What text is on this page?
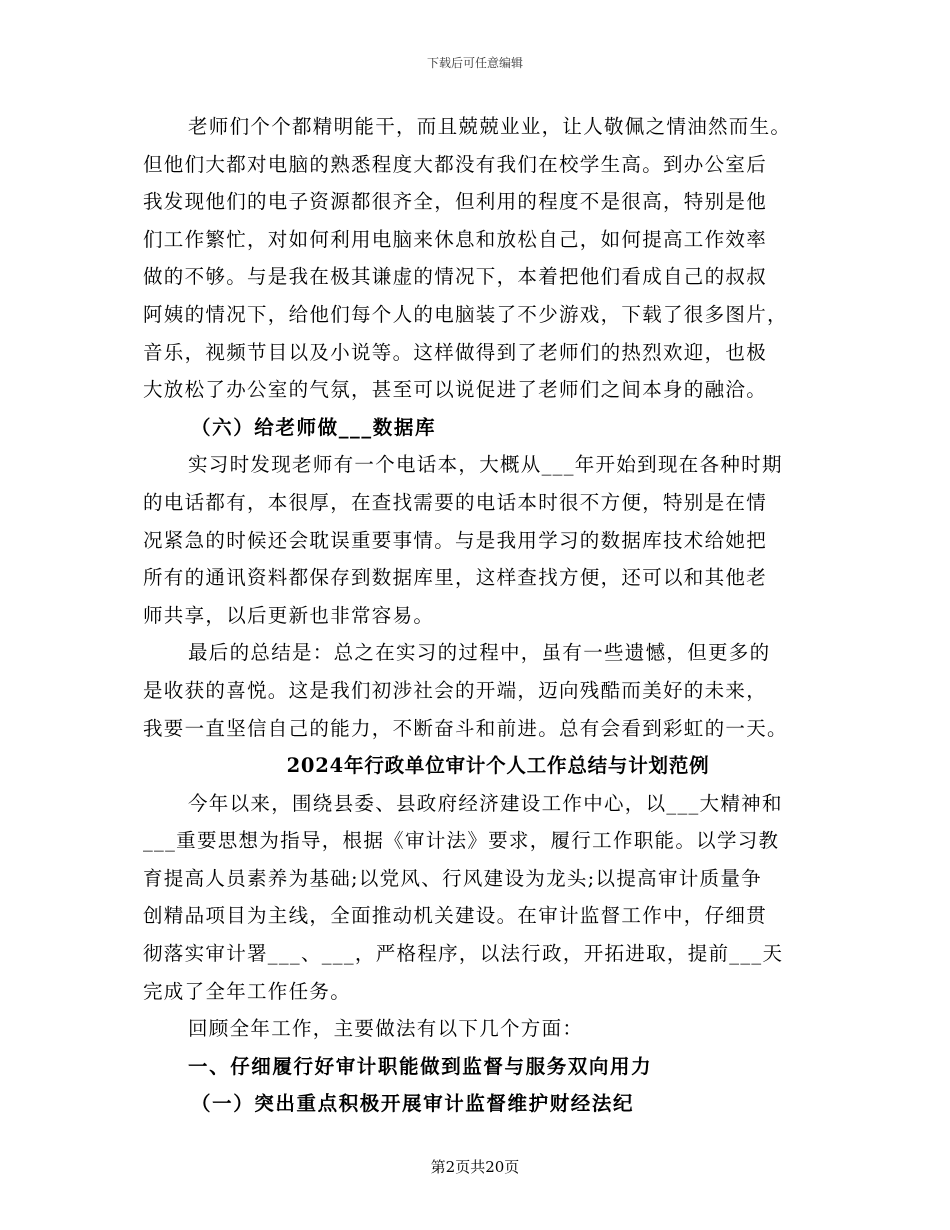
下载后可任意编辑
老师们个个都精明能干，而且兢兢业业，让人敬佩之情油然而生。
但他们大都对电脑的熟悉程度大都没有我们在校学生高。到办公室后
我发现他们的电子资源都很齐全，但利用的程度不是很高，特别是他
们工作繁忙，对如何利用电脑来休息和放松自己，如何提高工作效率
做的不够。与是我在极其谦虚的情况下，本着把他们看成自己的叔叔
阿姨的情况下，给他们每个人的电脑装了不少游戏，下载了很多图片，
音乐，视频节目以及小说等。这样做得到了老师们的热烈欢迎，也极
大放松了办公室的气氛，甚至可以说促进了老师们之间本身的融洽。
（六）给老师做___数据库
实习时发现老师有一个电话本，大概从___年开始到现在各种时期
的电话都有，本很厚，在查找需要的电话本时很不方便，特别是在情
况紧急的时候还会耽误重要事情。与是我用学习的数据库技术给她把
所有的通讯资料都保存到数据库里，这样查找方便，还可以和其他老
师共享，以后更新也非常容易。
最后的总结是：总之在实习的过程中，虽有一些遗憾，但更多的
是收获的喜悦。这是我们初涉社会的开端，迈向残酷而美好的未来，
我要一直坚信自己的能力，不断奋斗和前进。总有会看到彩虹的一天。
2024年行政单位审计个人工作总结与计划范例
今年以来，围绕县委、县政府经济建设工作中心，以___大精神和
___重要思想为指导，根据《审计法》要求，履行工作职能。以学习教
育提高人员素养为基础;以党风、行风建设为龙头;以提高审计质量争
创精品项目为主线，全面推动机关建设。在审计监督工作中，仔细贯
彻落实审计署___、___，严格程序，以法行政，开拓进取，提前___天
完成了全年工作任务。
回顾全年工作，主要做法有以下几个方面：
一、仔细履行好审计职能做到监督与服务双向用力
（一）突出重点积极开展审计监督维护财经法纪
第2页共20页
